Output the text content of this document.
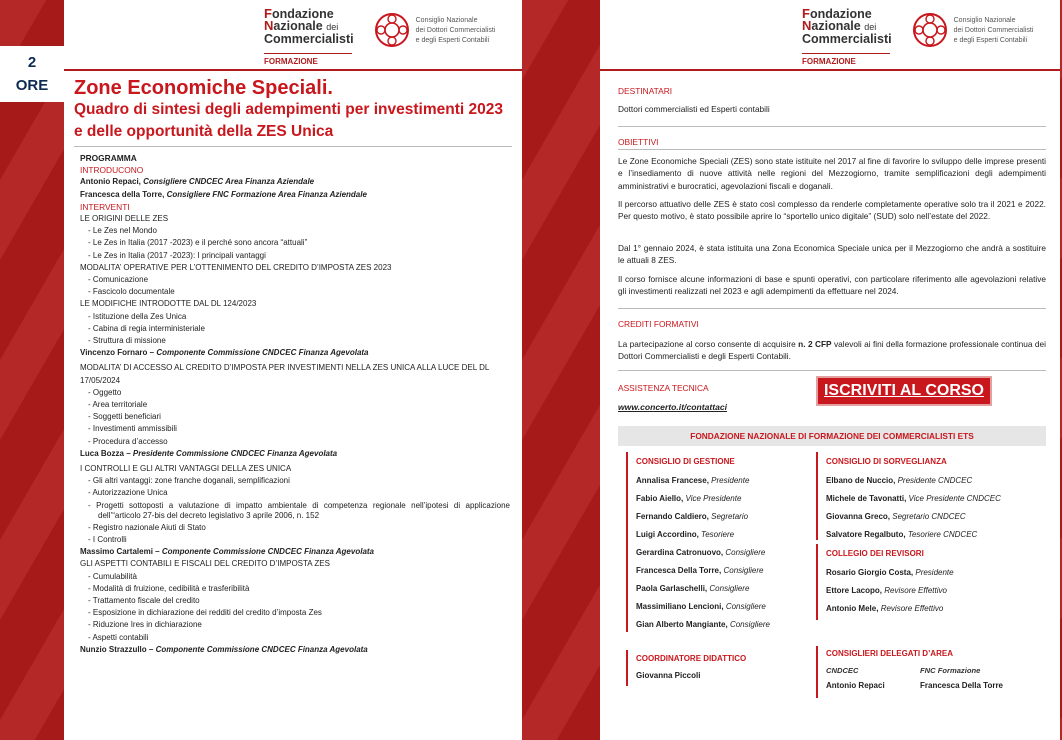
2
ORE
Fondazione
Nazionale dei
Commercialisti
FORMAZIONE
Consiglio Nazionale
dei Dottori Commercialisti
e degli Esperti Contabili
Zone Economiche Speciali.
Quadro di sintesi degli adempimenti per investimenti 2023
e delle opportunità della ZES Unica
PROGRAMMA
INTRODUCONO
Antonio Repaci, Consigliere CNDCEC Area Finanza Aziendale
Francesca della Torre, Consigliere FNC Formazione Area Finanza Aziendale
INTERVENTI
LE ORIGINI DELLE ZES
- Le Zes nel Mondo
- Le Zes in Italia (2017 -2023) e il perché sono ancora “attuali”
- Le Zes in Italia (2017 -2023): I principali vantaggi
MODALITA’ OPERATIVE PER L’OTTENIMENTO DEL CREDITO D’IMPOSTA ZES 2023
- Comunicazione
- Fascicolo documentale
LE MODIFICHE INTRODOTTE DAL DL 124/2023
- Istituzione della Zes Unica
- Cabina di regia interministeriale
- Struttura di missione
Vincenzo Fornaro – Componente Commissione CNDCEC Finanza Agevolata
MODALITA’ DI ACCESSO AL CREDITO D’IMPOSTA PER INVESTIMENTI NELLA ZES UNICA ALLA LUCE DEL DL 17/05/2024
- Oggetto
- Area territoriale
- Soggetti beneficiari
- Investimenti ammissibili
- Procedura d’accesso
Luca Bozza – Presidente Commissione CNDCEC Finanza Agevolata
I CONTROLLI E GLI ALTRI VANTAGGI DELLA ZES UNICA
- Gli altri vantaggi: zone franche doganali, semplificazioni
- Autorizzazione Unica
- Progetti sottoposti a valutazione di impatto ambientale di competenza regionale nell’ipotesi di applicazione dell’“articolo 27-bis del decreto legislativo 3 aprile 2006, n. 152
- Registro nazionale Aiuti di Stato
- I Controlli
Massimo Cartalemi – Componente Commissione CNDCEC Finanza Agevolata
GLI ASPETTI CONTABILI E FISCALI DEL CREDITO D’IMPOSTA ZES
- Cumulabilità
- Modalità di fruizione, cedibilità e trasferibilità
- Trattamento fiscale del credito
- Esposizione in dichiarazione dei redditi del credito d’imposta Zes
- Riduzione Ires in dichiarazione
- Aspetti contabili
Nunzio Strazzullo – Componente Commissione CNDCEC Finanza Agevolata
Fondazione
Nazionale dei
Commercialisti
FORMAZIONE
Consiglio Nazionale
dei Dottori Commercialisti
e degli Esperti Contabili
DESTINATARI
Dottori commercialisti ed Esperti contabili
OBIETTIVI
Le Zone Economiche Speciali (ZES) sono state istituite nel 2017 al fine di favorire lo sviluppo delle imprese presenti e l’insediamento di nuove attività nelle regioni del Mezzogiorno, tramite semplificazioni degli adempimenti amministrativi e burocratici, agevolazioni fiscali e doganali.
Il percorso attuativo delle ZES è stato così complesso da renderle completamente operative solo tra il 2021 e 2022. Per questo motivo, è stato possibile aprire lo “sportello unico digitale” (SUD) solo nell’estate del 2022.
Dal 1° gennaio 2024, è stata istituita una Zona Economica Speciale unica per il Mezzogiorno che andrà a sostituire le attuali 8 ZES.
Il corso fornisce alcune informazioni di base e spunti operativi, con particolare riferimento alle agevolazioni relative gli investimenti realizzati nel 2023 e agli adempimenti da effettuare nel 2024.
CREDITI FORMATIVI
La partecipazione al corso consente di acquisire n. 2 CFP valevoli ai fini della formazione professionale continua dei Dottori Commercialisti e degli Esperti Contabili.
ASSISTENZA TECNICA
www.concerto.it/contattaci
ISCRIVITI AL CORSO
FONDAZIONE NAZIONALE DI FORMAZIONE DEI COMMERCIALISTI ETS
CONSIGLIO DI GESTIONE
Annalisa Francese, Presidente
Fabio Aiello, Vice Presidente
Fernando Caldiero, Segretario
Luigi Accordino, Tesoriere
Gerardina Catronuovo, Consigliere
Francesca Della Torre, Consigliere
Paola Garlaschelli, Consigliere
Massimiliano Lencioni, Consigliere
Gian Alberto Mangiante, Consigliere
CONSIGLIO DI SORVEGLIANZA
Elbano de Nuccio, Presidente CNDCEC
Michele de Tavonatti, Vice Presidente CNDCEC
Giovanna Greco, Segretario CNDCEC
Salvatore Regalbuto, Tesoriere CNDCEC
COLLEGIO DEI REVISORI
Rosario Giorgio Costa, Presidente
Ettore Lacopo, Revisore Effettivo
Antonio Mele, Revisore Effettivo
COORDINATORE DIDATTICO
Giovanna Piccoli
CONSIGLIERI DELEGATI D’AREA
CNDCEC	FNC Formazione
Antonio Repaci	Francesca Della Torre
